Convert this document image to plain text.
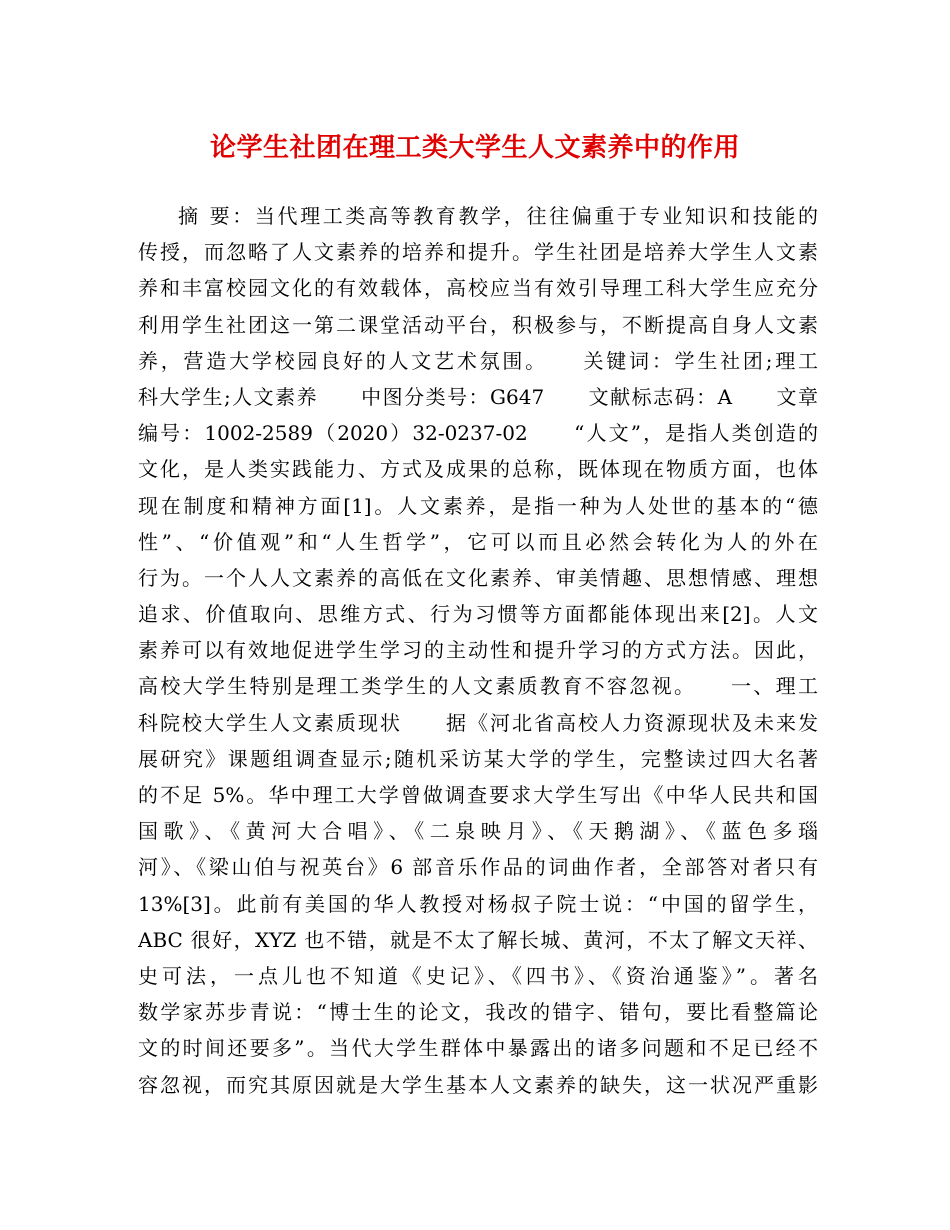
论学生社团在理工类大学生人文素养中的作用
摘 要：当代理工类高等教育教学，往往偏重于专业知识和技能的
传授，而忽略了人文素养的培养和提升。学生社团是培养大学生人文素
养和丰富校园文化的有效载体，高校应当有效引导理工科大学生应充分
利用学生社团这一第二课堂活动平台，积极参与，不断提高自身人文素
养，营造大学校园良好的人文艺术氛围。　　关键词：学生社团;理工
科大学生;人文素养　　中图分类号：G647　　文献标志码：A　　文章
编号：1002-2589（2020）32-0237-02　　“人文”，是指人类创造的
文化，是人类实践能力、方式及成果的总称，既体现在物质方面，也体
现在制度和精神方面[1]。人文素养，是指一种为人处世的基本的“德
性”、“价值观”和“人生哲学”，它可以而且必然会转化为人的外在
行为。一个人人文素养的高低在文化素养、审美情趣、思想情感、理想
追求、价值取向、思维方式、行为习惯等方面都能体现出来[2]。人文
素养可以有效地促进学生学习的主动性和提升学习的方式方法。因此，
高校大学生特别是理工类学生的人文素质教育不容忽视。　　一、理工
科院校大学生人文素质现状　　据《河北省高校人力资源现状及未来发
展研究》课题组调查显示;随机采访某大学的学生，完整读过四大名著
的不足 5%。华中理工大学曾做调查要求大学生写出《中华人民共和国
国歌》、《黄河大合唱》、《二泉映月》、《天鹅湖》、《蓝色多瑙
河》、《梁山伯与祝英台》6 部音乐作品的词曲作者，全部答对者只有
13%[3]。此前有美国的华人教授对杨叔子院士说：“中国的留学生，
ABC 很好，XYZ 也不错，就是不太了解长城、黄河，不太了解文天祥、
史可法，一点儿也不知道《史记》、《四书》、《资治通鉴》”。著名
数学家苏步青说：“博士生的论文，我改的错字、错句，要比看整篇论
文的时间还要多”。当代大学生群体中暴露出的诸多问题和不足已经不
容忽视，而究其原因就是大学生基本人文素养的缺失，这一状况严重影
